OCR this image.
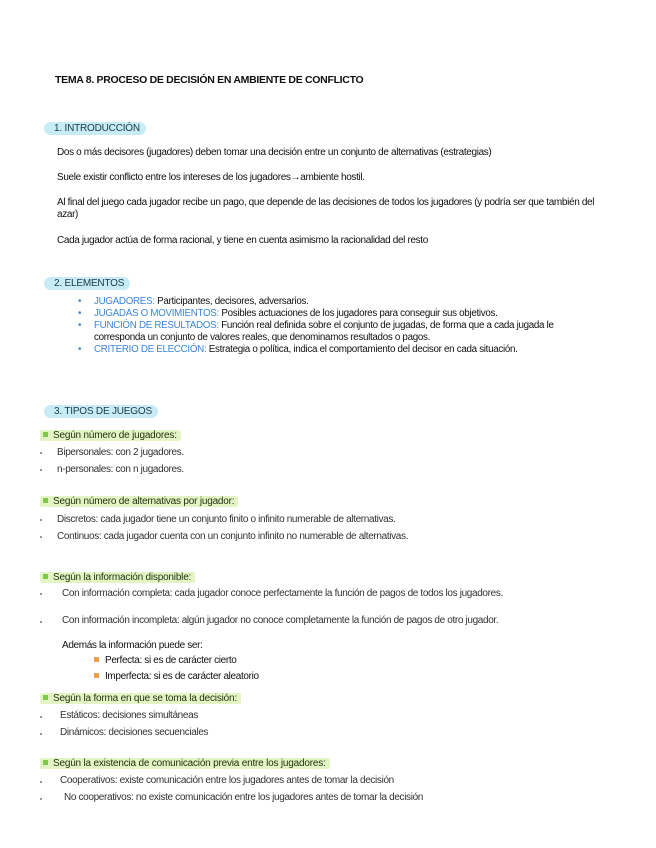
TEMA 8. PROCESO DE DECISIÓN EN AMBIENTE DE CONFLICTO
1. INTRODUCCIÓN
Dos o más decisores (jugadores) deben tomar una decisión entre un conjunto de alternativas (estrategias)
Suele existir conflicto entre los intereses de los jugadores→ambiente hostil.
Al final del juego cada jugador recibe un pago, que depende de las decisiones de todos los jugadores (y podría ser que también del azar)
Cada jugador actúa de forma racional, y tiene en cuenta asimismo la racionalidad del resto
2. ELEMENTOS
• JUGADORES: Participantes, decisores, adversarios.
• JUGADAS O MOVIMIENTOS: Posibles actuaciones de los jugadores para conseguir sus objetivos.
• FUNCIÓN DE RESULTADOS: Función real definida sobre el conjunto de jugadas, de forma que a cada jugada le corresponda un conjunto de valores reales, que denominamos resultados o pagos.
• CRITERIO DE ELECCIÓN: Estrategia o política, indica el comportamiento del decisor en cada situación.
3. TIPOS DE JUEGOS
Según número de jugadores:
Bipersonales: con 2 jugadores.
n-personales: con n jugadores.
Según número de alternativas por jugador:
Discretos: cada jugador tiene un conjunto finito o infinito numerable de alternativas.
Continuos: cada jugador cuenta con un conjunto infinito no numerable de alternativas.
Según la información disponible:
Con información completa: cada jugador conoce perfectamente la función de pagos de todos los jugadores.
Con información incompleta: algún jugador no conoce completamente la función de pagos de otro jugador.
Además la información puede ser:
Perfecta: si es de carácter cierto
Imperfecta: si es de carácter aleatorio
Según la forma en que se toma la decisión:
Estáticos: decisiones simultáneas
Dinámicos: decisiones secuenciales
Según la existencia de comunicación previa entre los jugadores:
Cooperativos: existe comunicación entre los jugadores antes de tomar la decisión
No cooperativos: no existe comunicación entre los jugadores antes de tomar la decisión
